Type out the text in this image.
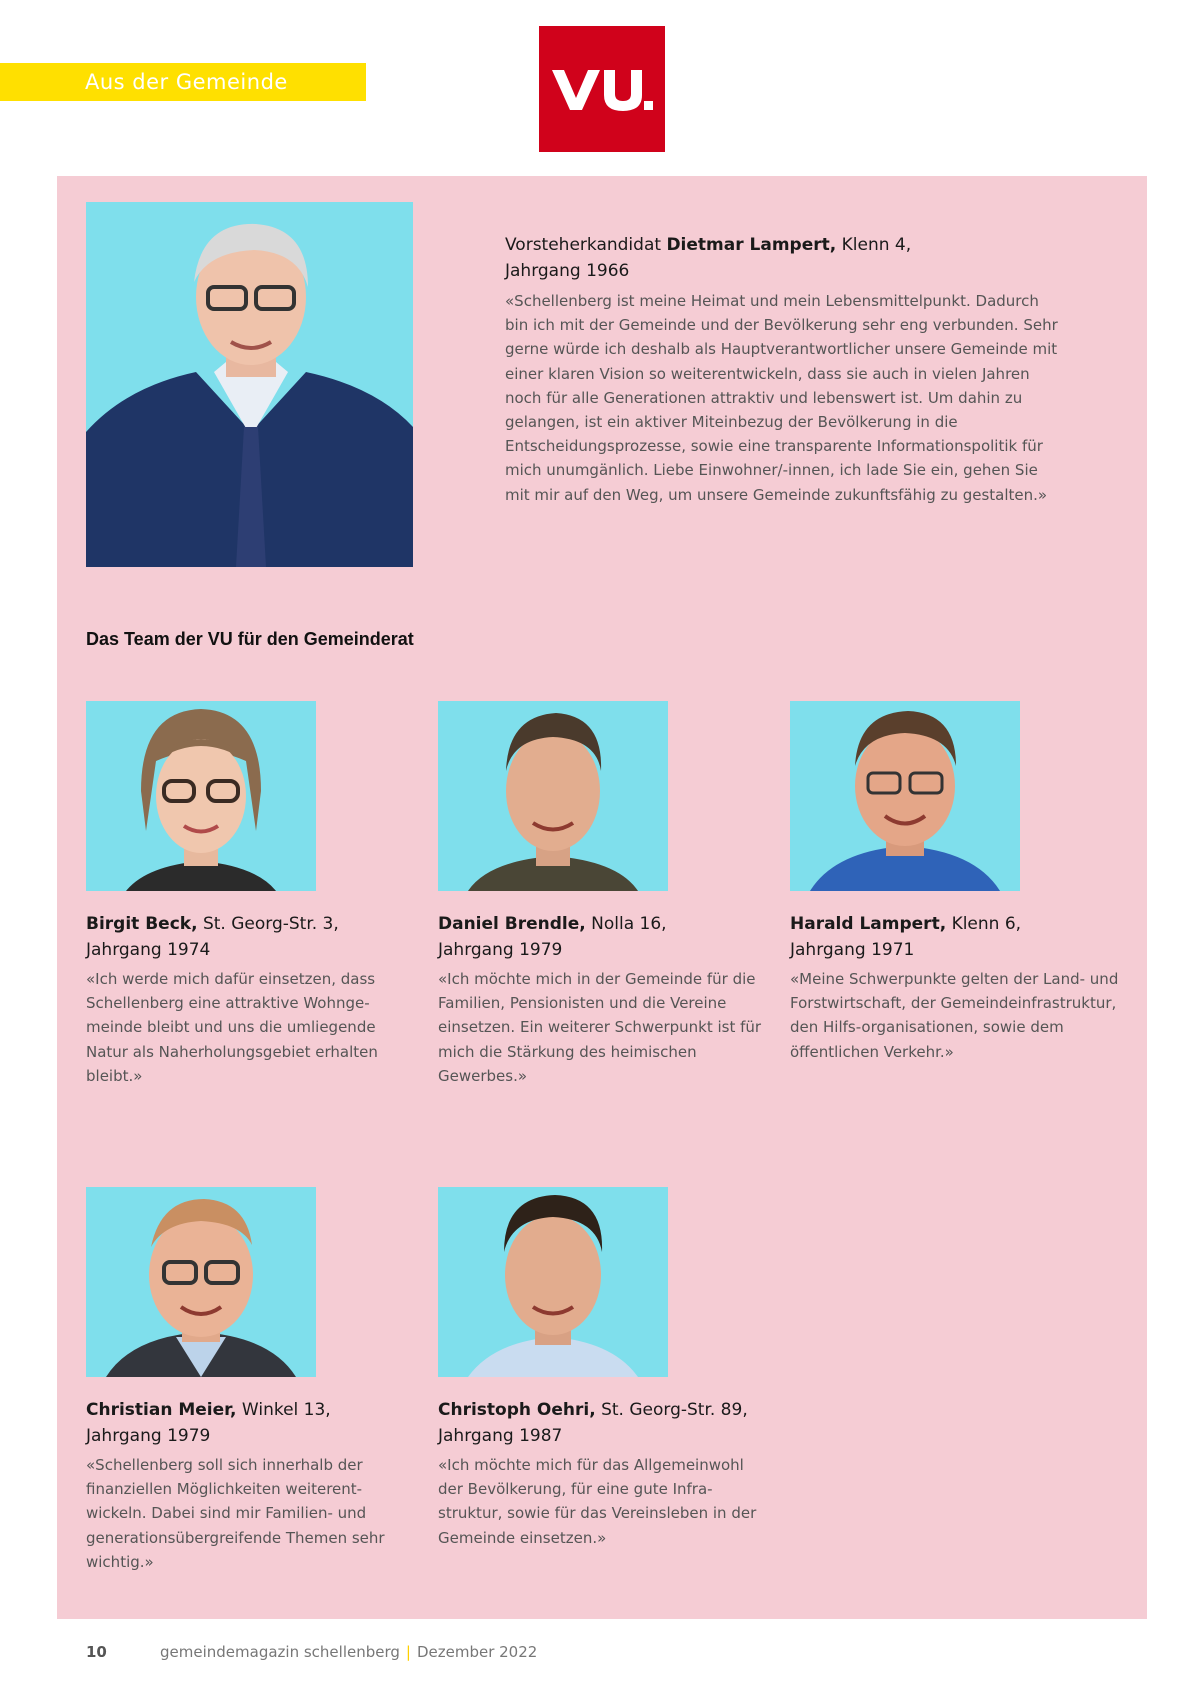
Aus der Gemeinde
Vorsteherkandidat Dietmar Lampert, Klenn 4,
Jahrgang 1966

«Schellenberg ist meine Heimat und mein Lebensmittelpunkt. Dadurch bin ich mit der Gemeinde und der Bevölkerung sehr eng verbunden. Sehr gerne würde ich deshalb als Hauptverantwortlicher unsere Gemeinde mit einer klaren Vision so weiterentwickeln, dass sie auch in vielen Jahren noch für alle Generationen attraktiv und lebenswert ist. Um dahin zu gelangen, ist ein aktiver Miteinbezug der Bevölkerung in die Entscheidungsprozesse, sowie eine transparente Informationspolitik für mich unumgänlich. Liebe Einwohner/-innen, ich lade Sie ein, gehen Sie mit mir auf den Weg, um unsere Gemeinde zukunftsfähig zu gestalten.»

Das Team der VU für den Gemeinderat
Birgit Beck, St. Georg-Str. 3,
Jahrgang 1974

«Ich werde mich dafür einsetzen, dass Schellenberg eine attraktive Wohnge-meinde bleibt und uns die umliegende Natur als Naherholungsgebiet erhalten bleibt.»

Daniel Brendle, Nolla 16,
Jahrgang 1979

«Ich möchte mich in der Gemeinde für die Familien, Pensionisten und die Vereine einsetzen. Ein weiterer Schwerpunkt ist für mich die Stärkung des heimischen Gewerbes.»

Harald Lampert, Klenn 6,
Jahrgang 1971

«Meine Schwerpunkte gelten der Land- und Forstwirtschaft, der Gemeindeinfrastruktur, den Hilfs-organisationen, sowie dem öffentlichen Verkehr.»

Christian Meier, Winkel 13,
Jahrgang 1979

«Schellenberg soll sich innerhalb der finanziellen Möglichkeiten weiterent-wickeln. Dabei sind mir Familien- und generationsübergreifende Themen sehr wichtig.»

Christoph Oehri, St. Georg-Str. 89,
Jahrgang 1987

«Ich möchte mich für das Allgemeinwohl der Bevölkerung, für eine gute Infra-struktur, sowie für das Vereinsleben in der Gemeinde einsetzen.»

10	gemeindemagazin schellenberg | Dezember 2022
